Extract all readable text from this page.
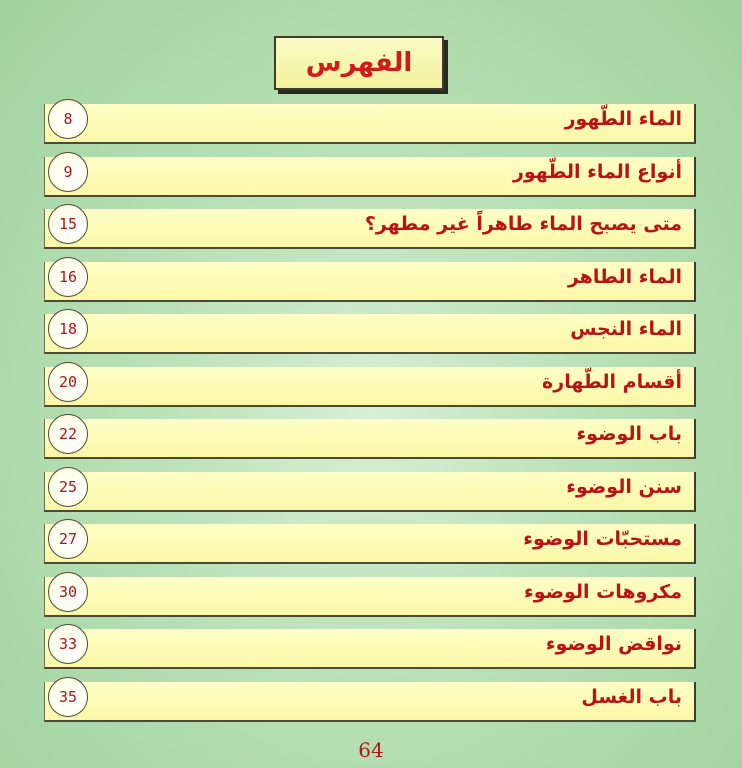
الفهرس
الماء الطّهور
8
أنواع الماء الطّهور
9
متى يصبح الماء طاهراً غير مطهر؟
15
الماء الطاهر
16
الماء النجس
18
أقسام الطّهارة
20
باب الوضوء
22
سنن الوضوء
25
مستحبّات الوضوء
27
مكروهات الوضوء
30
نواقض الوضوء
33
باب الغسل
35
64
